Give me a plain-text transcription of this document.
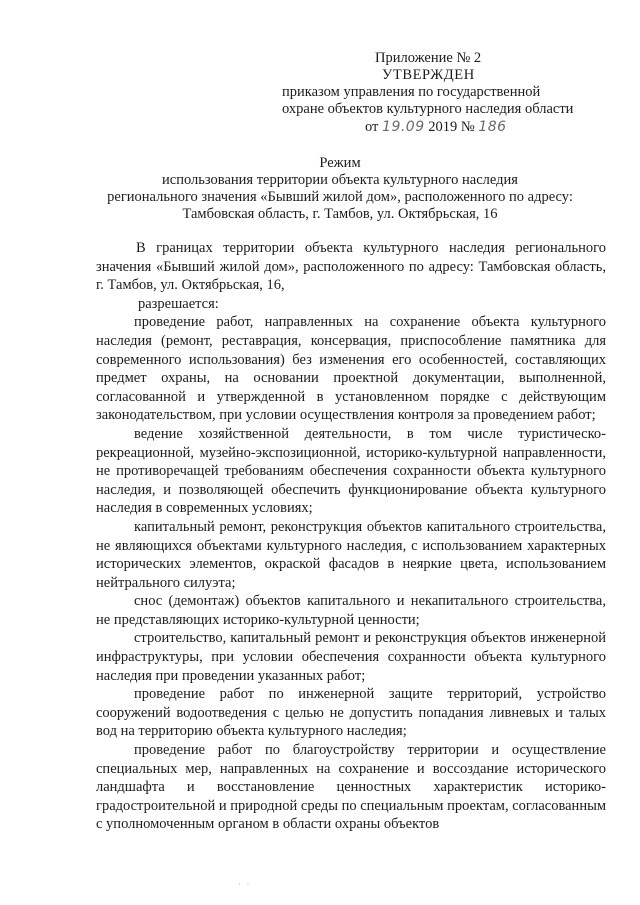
Приложение № 2
УТВЕРЖДЕН
приказом управления по государственной
охране объектов культурного наследия области
от 19.09 2019 № 186
Режим
использования территории объекта культурного наследия
регионального значения «Бывший жилой дом», расположенного по адресу:
Тамбовская область, г. Тамбов, ул. Октябрьская, 16

В границах территории объекта культурного наследия регионального значения «Бывший жилой дом», расположенного по адресу: Тамбовская область, г. Тамбов, ул. Октябрьская, 16,

разрешается:

проведение работ, направленных на сохранение объекта культурного наследия (ремонт, реставрация, консервация, приспособление памятника для современного использования) без изменения его особенностей, составляющих предмет охраны, на основании проектной документации, выполненной, согласованной и утвержденной в установленном порядке с действующим законодательством, при условии осуществления контроля за проведением работ;

ведение хозяйственной деятельности, в том числе туристическо-рекреационной, музейно-экспозиционной, историко-культурной направленности, не противоречащей требованиям обеспечения сохранности объекта культурного наследия, и позволяющей обеспечить функционирование объекта культурного наследия в современных условиях;

капитальный ремонт, реконструкция объектов капитального строительства, не являющихся объектами культурного наследия, с использованием характерных исторических элементов, окраской фасадов в неяркие цвета, использованием нейтрального силуэта;

снос (демонтаж) объектов капитального и некапитального строительства, не представляющих историко-культурной ценности;

строительство, капитальный ремонт и реконструкция объектов инженерной инфраструктуры, при условии обеспечения сохранности объекта культурного наследия при проведении указанных работ;

проведение работ по инженерной защите территорий, устройство сооружений водоотведения с целью не допустить попадания ливневых и талых вод на территорию объекта культурного наследия;

проведение работ по благоустройству территории и осуществление специальных мер, направленных на сохранение и воссоздание исторического ландшафта и восстановление ценностных характеристик историко-градостроительной и природной среды по специальным проектам, согласованным с уполномоченным органом в области охраны объектов

·   ·
